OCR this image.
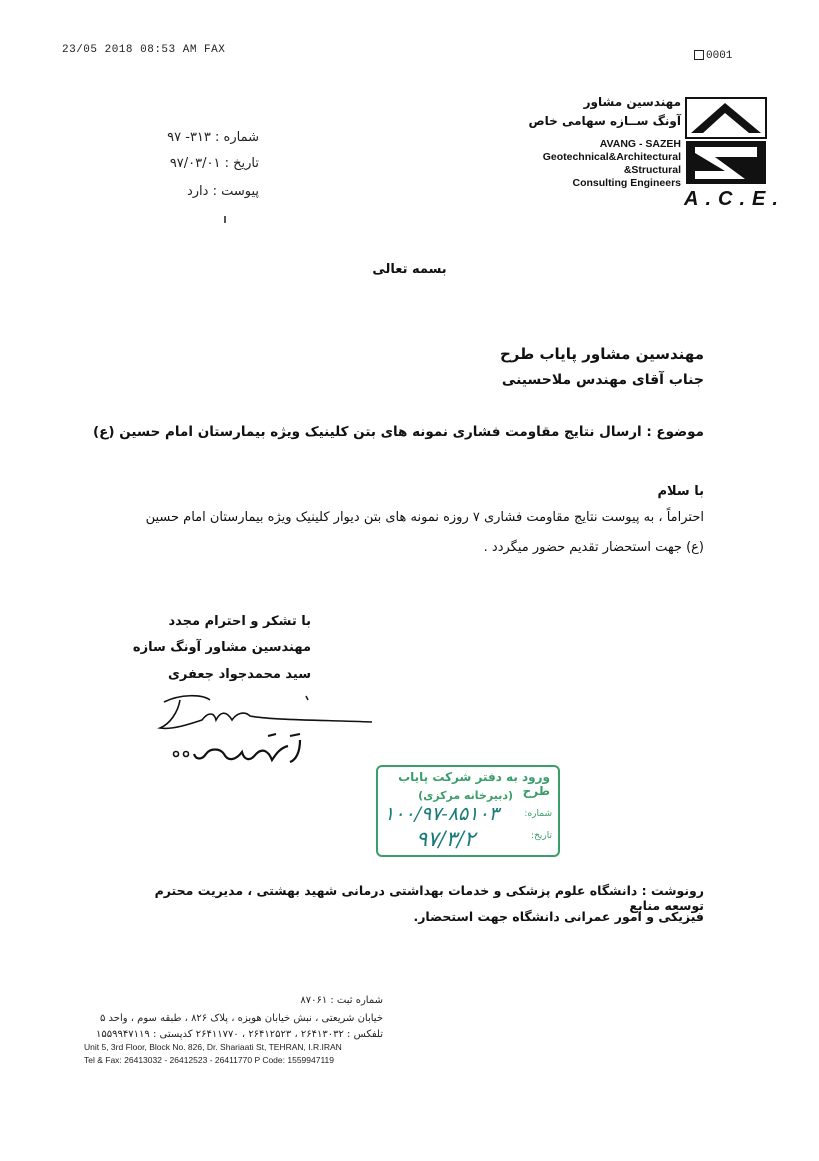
23/05 2018 08:53 AM FAX	0001
A.C.E.
مهندسین مشاور
آونگ ســازه سهامی خاص
AVANG - SAZEH
Geotechnical&Architectural
&Structural
Consulting Engineers
شماره : ۳۱۳- ۹۷
تاریخ : ۹۷/۰۳/۰۱
پیوست : دارد
بسمه تعالی
مهندسین مشاور پایاب طرح
جناب آقای مهندس ملاحسینی
موضوع : ارسال نتایج مقاومت فشاری نمونه های بتن کلینیک ویژه بیمارستان امام حسین (ع)
با سلام
احتراماً ، به پیوست نتایج مقاومت فشاری ۷ روزه نمونه های بتن دیوار کلینیک ویژه بیمارستان امام حسین (ع) جهت استحضار تقدیم حضور میگردد .
با تشکر و احترام مجدد
مهندسین مشاور آونگ سازه
سید محمدجواد جعفری
ورود به دفتر شرکت پایاب طرح
(دبیرخانه مرکزی)
شماره:
تاریخ:
۱۰۰/۹۷-۸۵۱۰۳
۹۷/۳/۲
رونوشت : دانشگاه علوم پزشکی و خدمات بهداشتی درمانی شهید بهشتی ، مدیریت محترم توسعه منابع
فیزیکی و امور عمرانی دانشگاه جهت استحضار.
شماره ثبت : ۸۷۰۶۱
خیابان شریعتی ، نبش خیابان هویزه ، پلاک ۸۲۶ ، طبقه سوم ، واحد ۵
تلفکس : ۲۶۴۱۳۰۳۲ ، ۲۶۴۱۲۵۲۳ ، ۲۶۴۱۱۷۷۰ کدپستی : ۱۵۵۹۹۴۷۱۱۹
Unit 5, 3rd Floor, Block No. 826, Dr. Shariaati St, TEHRAN, I.R.IRAN
Tel & Fax: 26413032 - 26412523 - 26411770 P Code: 1559947119
